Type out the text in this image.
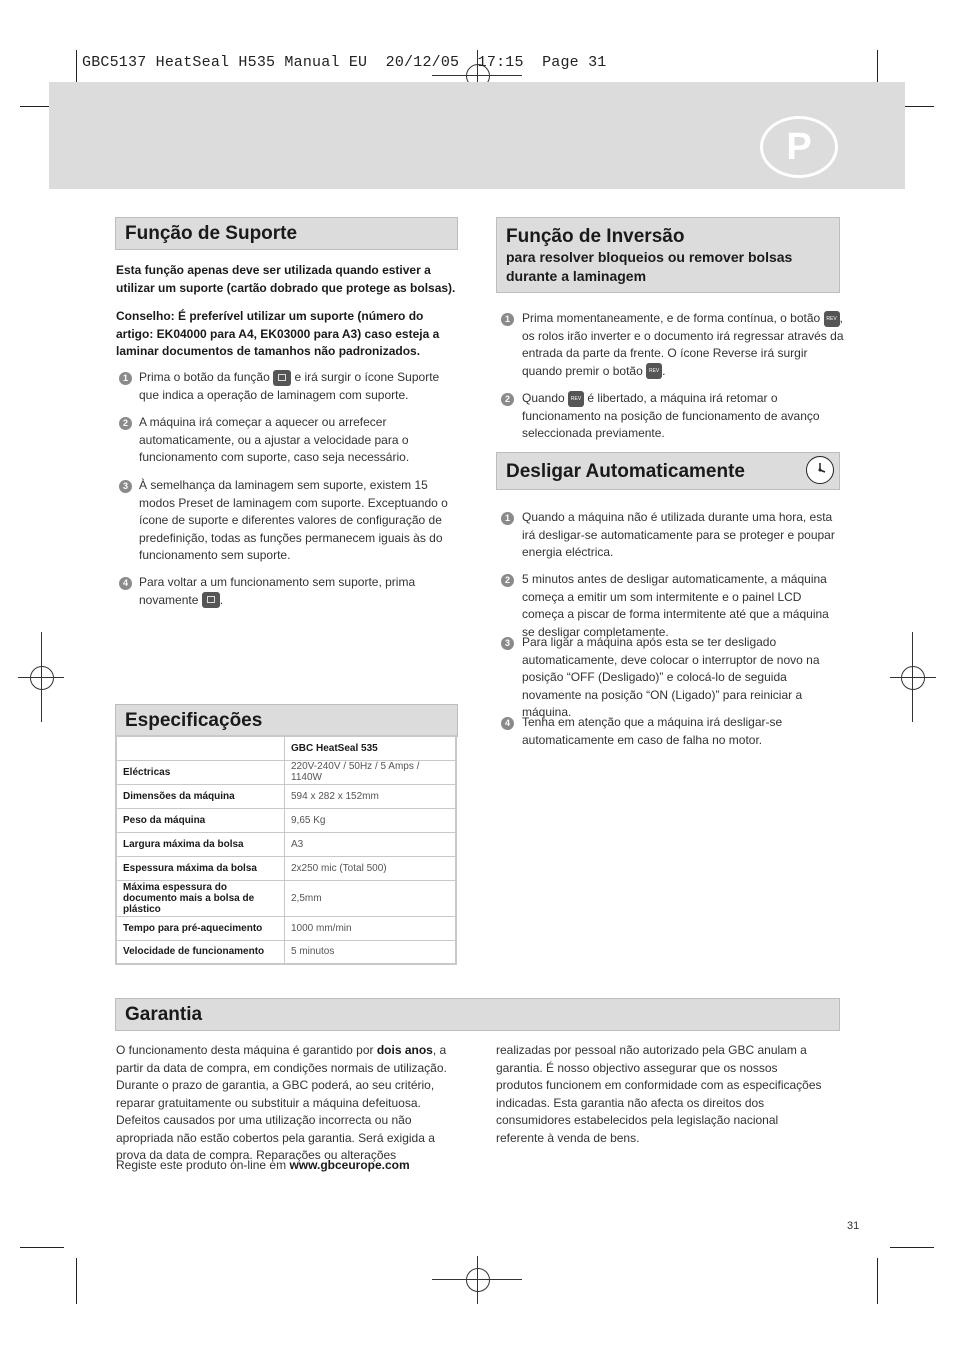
GBC5137 HeatSeal H535 Manual EU  20/12/05  17:15  Page 31
P
Função de Suporte
Esta função apenas deve ser utilizada quando estiver a utilizar um suporte (cartão dobrado que protege as bolsas).
Conselho: É preferível utilizar um suporte (número do artigo: EK04000 para A4, EK03000 para A3) caso esteja a laminar documentos de tamanhos não padronizados.
1 Prima o botão da função e irá surgir o ícone Suporte que indica a operação de laminagem com suporte.
2 A máquina irá começar a aquecer ou arrefecer automaticamente, ou a ajustar a velocidade para o funcionamento com suporte, caso seja necessário.
3 À semelhança da laminagem sem suporte, existem 15 modos Preset de laminagem com suporte. Exceptuando o ícone de suporte e diferentes valores de configuração de predefinição, todas as funções permanecem iguais às do funcionamento sem suporte.
4 Para voltar a um funcionamento sem suporte, prima novamente .
Função de Inversão
para resolver bloqueios ou remover bolsas durante a laminagem
1	Prima momentaneamente, e de forma contínua, o botão REV , os rolos irão inverter e o documento irá regressar através da entrada da parte da frente. O ícone Reverse irá surgir quando premir o botão REV .
2	Quando REV é libertado, a máquina irá retomar o funcionamento na posição de funcionamento de avanço seleccionada previamente.
Desligar Automaticamente
1	Quando a máquina não é utilizada durante uma hora, esta irá desligar-se automaticamente para se proteger e poupar energia eléctrica.
2	5 minutos antes de desligar automaticamente, a máquina começa a emitir um som intermitente e o painel LCD começa a piscar de forma intermitente até que a máquina se desligar completamente.
3	Para ligar a máquina após esta se ter desligado automaticamente, deve colocar o interruptor de novo na posição “OFF (Desligado)” e colocá-lo de seguida novamente na posição “ON (Ligado)” para reiniciar a máquina.
4	Tenha em atenção que a máquina irá desligar-se automaticamente em caso de falha no motor.
Especificações
	GBC HeatSeal 535
Eléctricas	220V-240V / 50Hz / 5 Amps / 1140W
Dimensões da máquina	594 x 282 x 152mm
Peso da máquina	9,65 Kg
Largura máxima da bolsa	A3
Espessura máxima da bolsa	2x250 mic (Total 500)
Máxima espessura do documento mais a bolsa de plástico	2,5mm
Tempo para pré-aquecimento	1000 mm/min
Velocidade de funcionamento	5 minutos
Garantia
O funcionamento desta máquina é garantido por dois anos, a partir da data de compra, em condições normais de utilização. Durante o prazo de garantia, a GBC poderá, ao seu critério, reparar gratuitamente ou substituir a máquina defeituosa. Defeitos causados por uma utilização incorrecta ou não apropriada não estão cobertos pela garantia. Será exigida a prova da data de compra. Reparações ou alterações
Registe este produto on-line em www.gbceurope.com
realizadas por pessoal não autorizado pela GBC anulam a garantia. É nosso objectivo assegurar que os nossos produtos funcionem em conformidade com as especificações indicadas. Esta garantia não afecta os direitos dos consumidores estabelecidos pela legislação nacional referente à venda de bens.
31
